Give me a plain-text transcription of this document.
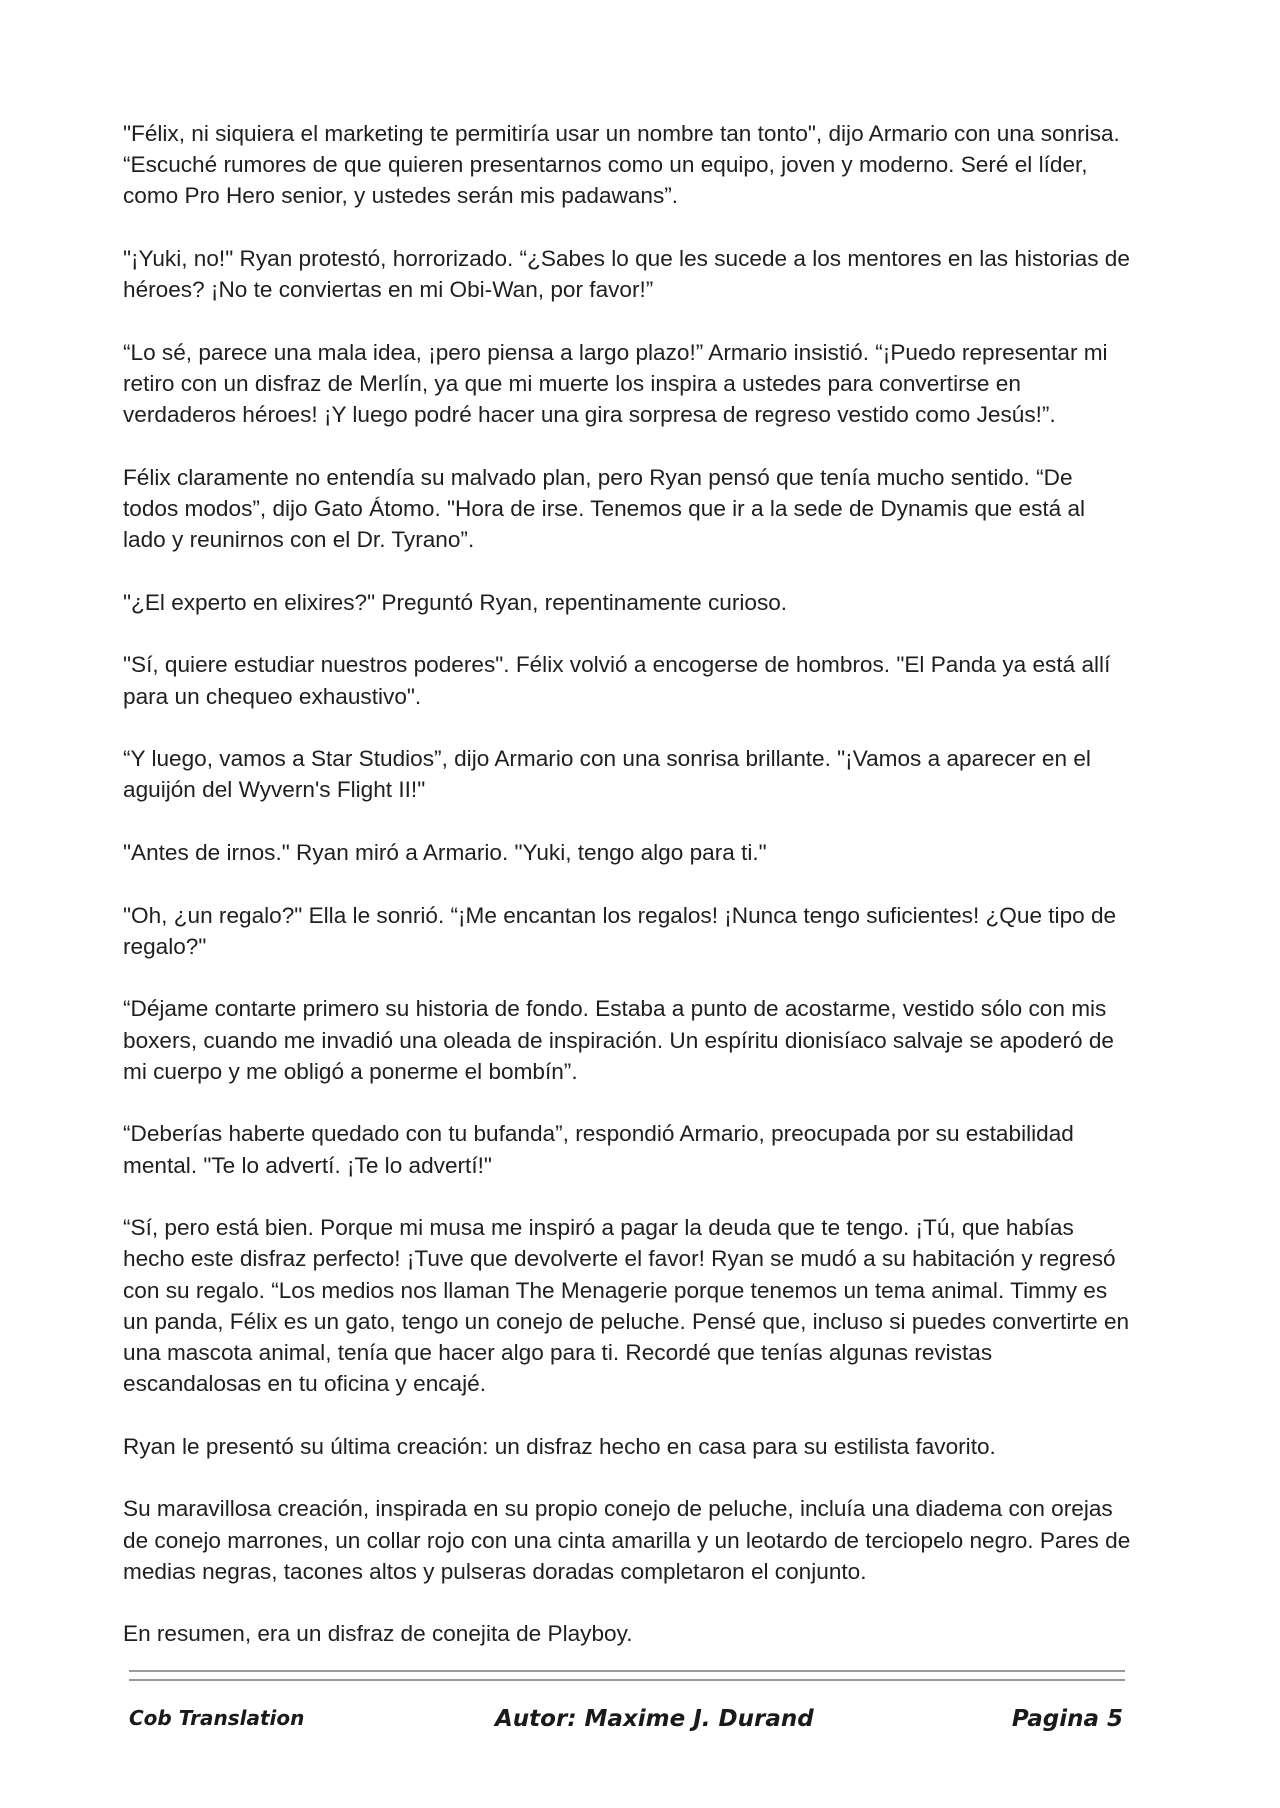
"Félix, ni siquiera el marketing te permitiría usar un nombre tan tonto", dijo Armario con una sonrisa. “Escuché rumores de que quieren presentarnos como un equipo, joven y moderno. Seré el líder, como Pro Hero senior, y ustedes serán mis padawans”.

"¡Yuki, no!" Ryan protestó, horrorizado. “¿Sabes lo que les sucede a los mentores en las historias de héroes? ¡No te conviertas en mi Obi-Wan, por favor!”

“Lo sé, parece una mala idea, ¡pero piensa a largo plazo!” Armario insistió. “¡Puedo representar mi retiro con un disfraz de Merlín, ya que mi muerte los inspira a ustedes para convertirse en verdaderos héroes! ¡Y luego podré hacer una gira sorpresa de regreso vestido como Jesús!”.

Félix claramente no entendía su malvado plan, pero Ryan pensó que tenía mucho sentido. “De todos modos”, dijo Gato Átomo. "Hora de irse. Tenemos que ir a la sede de Dynamis que está al lado y reunirnos con el Dr. Tyrano”.

"¿El experto en elixires?" Preguntó Ryan, repentinamente curioso.

"Sí, quiere estudiar nuestros poderes". Félix volvió a encogerse de hombros. "El Panda ya está allí para un chequeo exhaustivo".

“Y luego, vamos a Star Studios”, dijo Armario con una sonrisa brillante. "¡Vamos a aparecer en el aguijón del Wyvern's Flight II!"

"Antes de irnos." Ryan miró a Armario. "Yuki, tengo algo para ti."

"Oh, ¿un regalo?" Ella le sonrió. “¡Me encantan los regalos! ¡Nunca tengo suficientes! ¿Que tipo de regalo?"

“Déjame contarte primero su historia de fondo. Estaba a punto de acostarme, vestido sólo con mis boxers, cuando me invadió una oleada de inspiración. Un espíritu dionisíaco salvaje se apoderó de mi cuerpo y me obligó a ponerme el bombín”.

“Deberías haberte quedado con tu bufanda”, respondió Armario, preocupada por su estabilidad mental. "Te lo advertí. ¡Te lo advertí!"

“Sí, pero está bien. Porque mi musa me inspiró a pagar la deuda que te tengo. ¡Tú, que habías hecho este disfraz perfecto! ¡Tuve que devolverte el favor! Ryan se mudó a su habitación y regresó con su regalo. “Los medios nos llaman The Menagerie porque tenemos un tema animal. Timmy es un panda, Félix es un gato, tengo un conejo de peluche. Pensé que, incluso si puedes convertirte en una mascota animal, tenía que hacer algo para ti. Recordé que tenías algunas revistas escandalosas en tu oficina y encajé.

Ryan le presentó su última creación: un disfraz hecho en casa para su estilista favorito.

Su maravillosa creación, inspirada en su propio conejo de peluche, incluía una diadema con orejas de conejo marrones, un collar rojo con una cinta amarilla y un leotardo de terciopelo negro. Pares de medias negras, tacones altos y pulseras doradas completaron el conjunto.

En resumen, era un disfraz de conejita de Playboy.

Cob Translation	Autor: Maxime J. Durand	Pagina 5
